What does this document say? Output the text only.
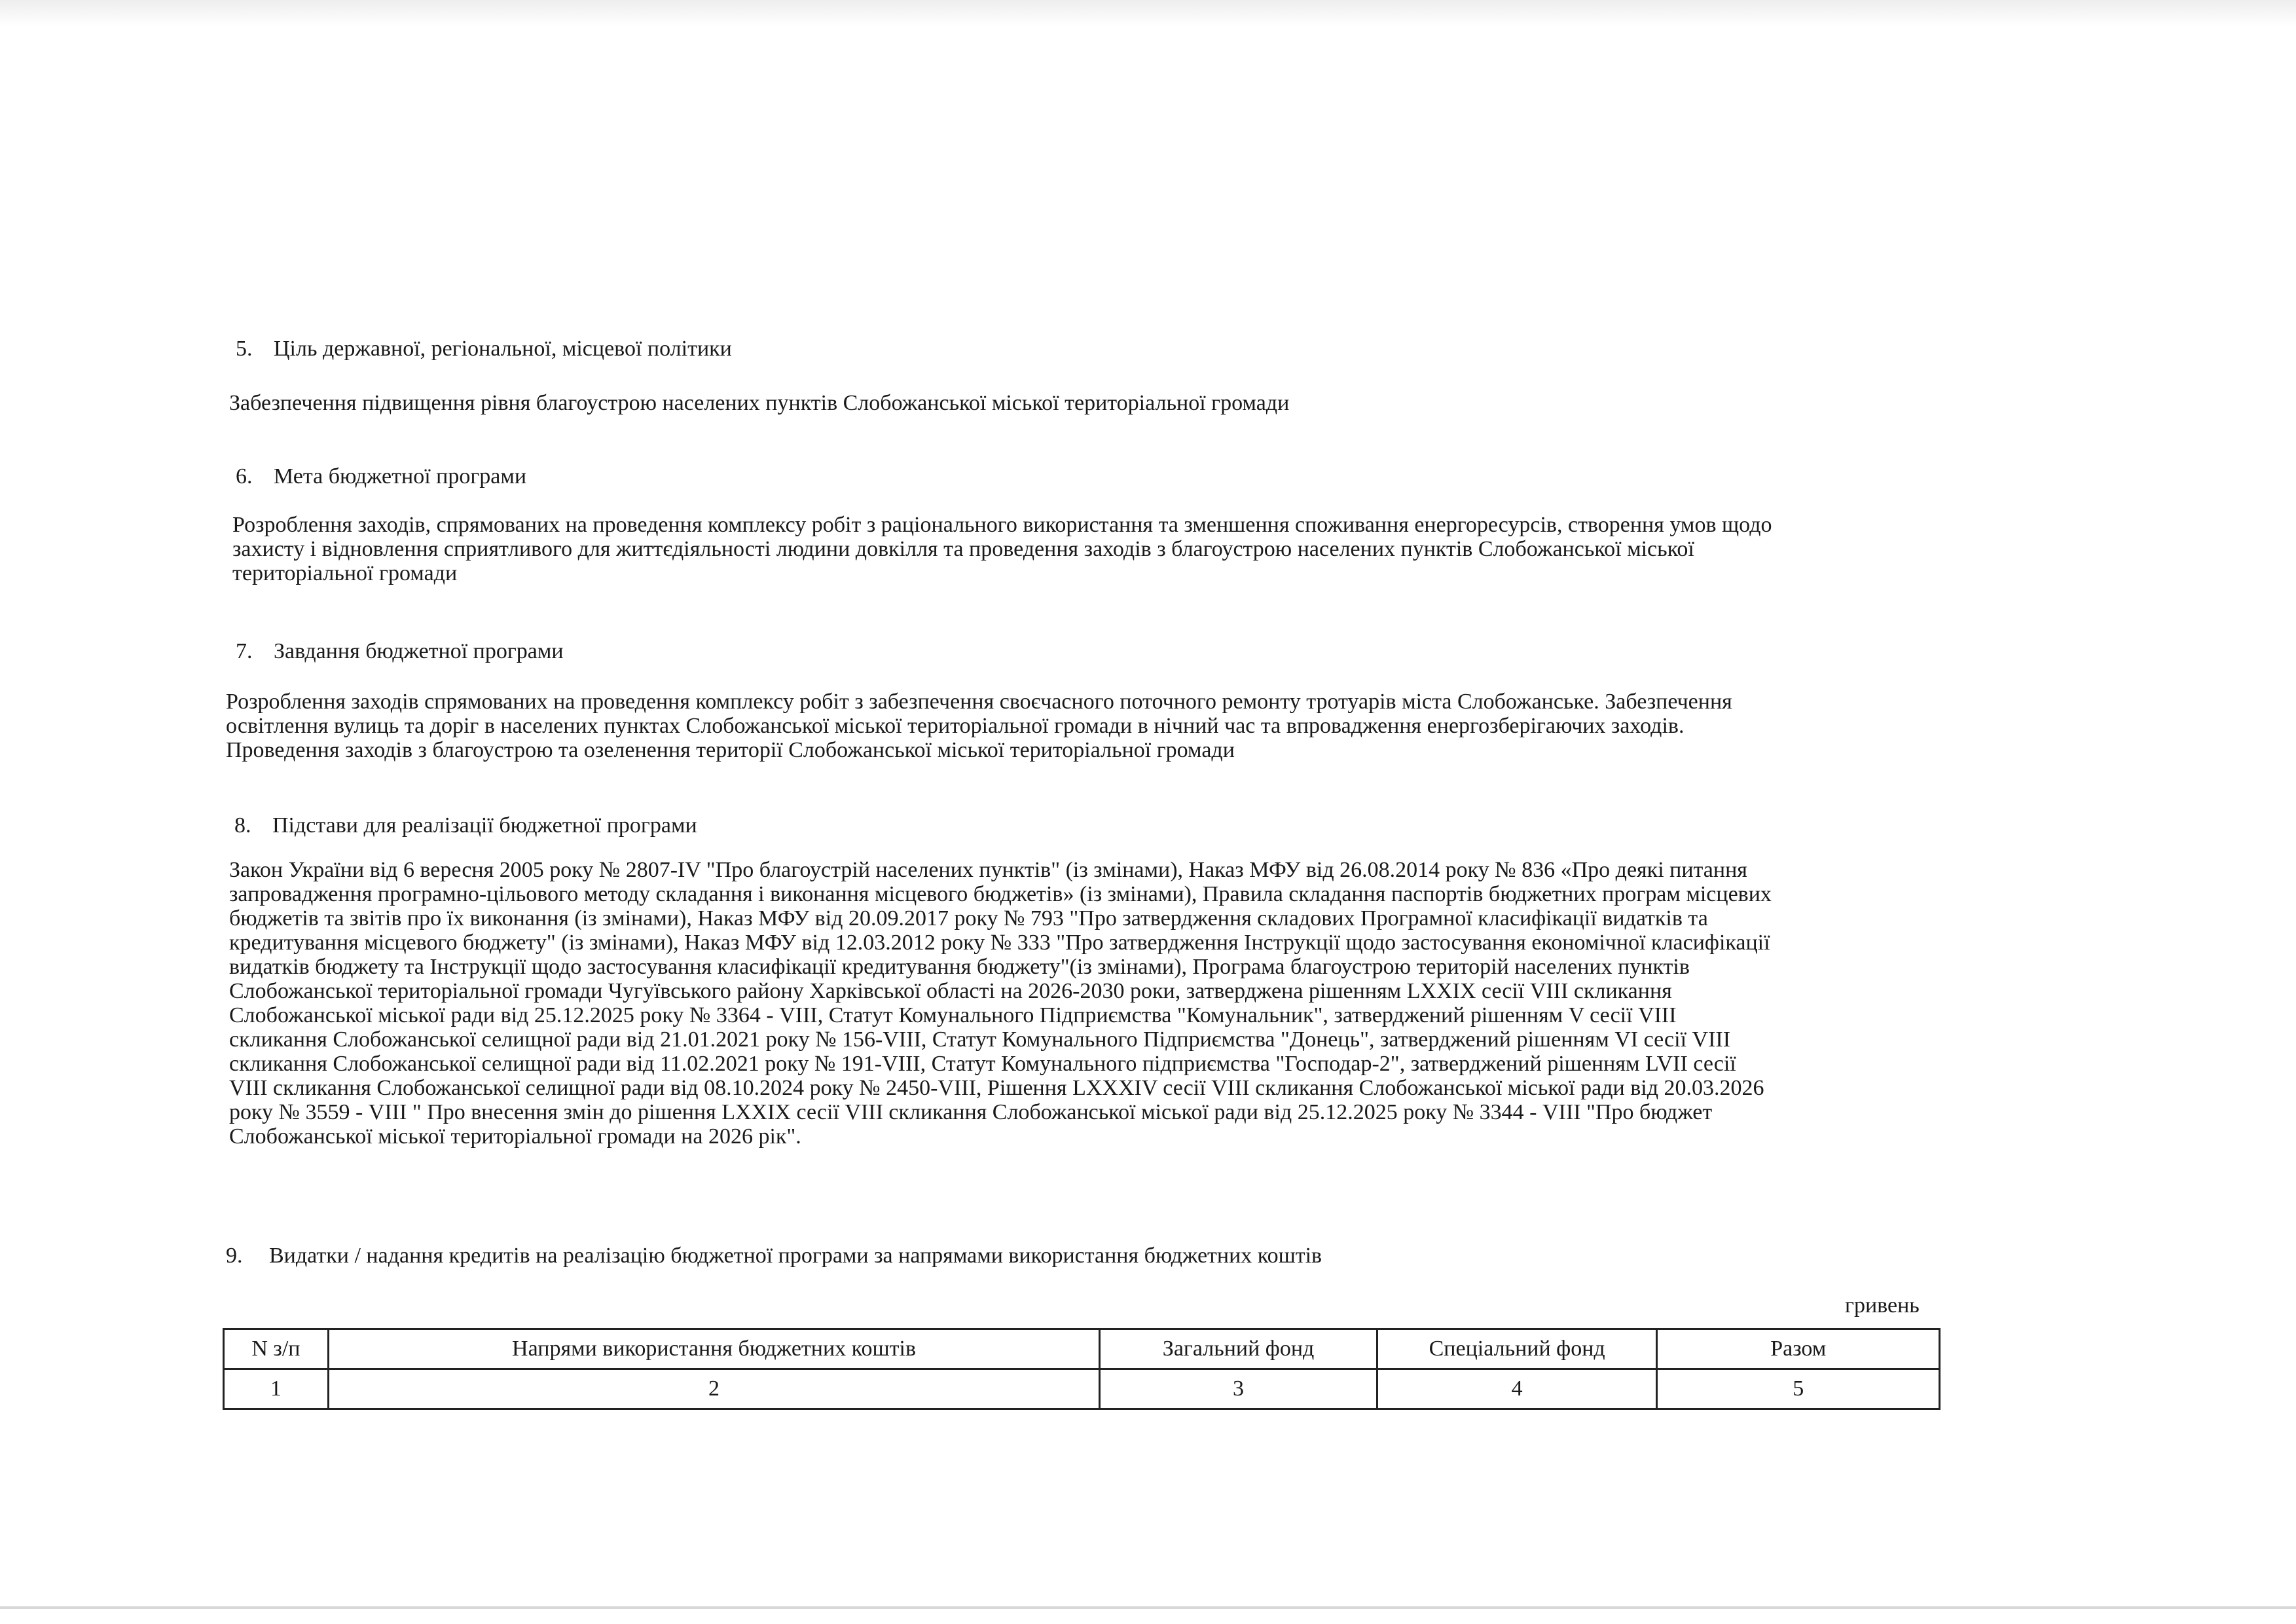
5. Ціль державної, регіональної, місцевої політики
Забезпечення підвищення рівня благоустрою населених пунктів Слобожанської міської територіальної громади
6. Мета бюджетної програми
Розроблення заходів, спрямованих на проведення комплексу робіт з раціонального використання та зменшення споживання енергоресурсів, створення умов щодо
захисту і відновлення сприятливого для життєдіяльності людини довкілля та проведення заходів з благоустрою населених пунктів Слобожанської міської
територіальної громади
7. Завдання бюджетної програми
Розроблення заходів спрямованих на проведення комплексу робіт з забезпечення своєчасного поточного ремонту тротуарів міста Слобожанське. Забезпечення
освітлення вулиць та доріг в населених пунктах Слобожанської міської територіальної громади в нічний час та впровадження енергозберігаючих заходів.
Проведення заходів з благоустрою та озеленення території Слобожанської міської територіальної громади
8. Підстави для реалізації бюджетної програми
Закон України від 6 вересня 2005 року № 2807-IV "Про благоустрій населених пунктів" (із змінами), Наказ МФУ від 26.08.2014 року № 836 «Про деякі питання
запровадження програмно-цільового методу складання і виконання місцевого бюджетів» (із змінами), Правила складання паспортів бюджетних програм місцевих
бюджетів та звітів про їх виконання (із змінами), Наказ МФУ від 20.09.2017 року № 793 "Про затвердження складових Програмної класифікації видатків та
кредитування місцевого бюджету" (із змінами), Наказ МФУ від 12.03.2012 року № 333 "Про затвердження Інструкції щодо застосування економічної класифікації
видатків бюджету та Інструкції щодо застосування класифікації кредитування бюджету"(із змінами), Програма благоустрою територій населених пунктів
Слобожанської територіальної громади Чугуївського району Харківської області на 2026-2030 роки, затверджена рішенням LXXIX сесії VIII скликання
Слобожанської міської ради від 25.12.2025 року № 3364 - VIII, Статут Комунального Підприємства "Комунальник", затверджений рішенням V сесії VIII
скликання Слобожанської селищної ради від 21.01.2021 року № 156-VIII, Статут Комунального Підприємства "Донець", затверджений рішенням VI сесії VIII
скликання Слобожанської селищної ради від 11.02.2021 року № 191-VIII, Статут Комунального підприємства "Господар-2", затверджений рішенням LVII сесії
VIII скликання Слобожанської селищної ради від 08.10.2024 року № 2450-VIII, Рішення LXXXIV сесії VIII скликання Слобожанської міської ради від 20.03.2026
року № 3559 - VIII " Про внесення змін до рішення LXXIX сесії VIII скликання Слобожанської міської ради від 25.12.2025 року № 3344 - VIII "Про бюджет
Слобожанської міської територіальної громади на 2026 рік".
9. Видатки / надання кредитів на реалізацію бюджетної програми за напрямами використання бюджетних коштів
гривень
N з/п	Напрями використання бюджетних коштів	Загальний фонд	Спеціальний фонд	Разом
1	2	3	4	5
